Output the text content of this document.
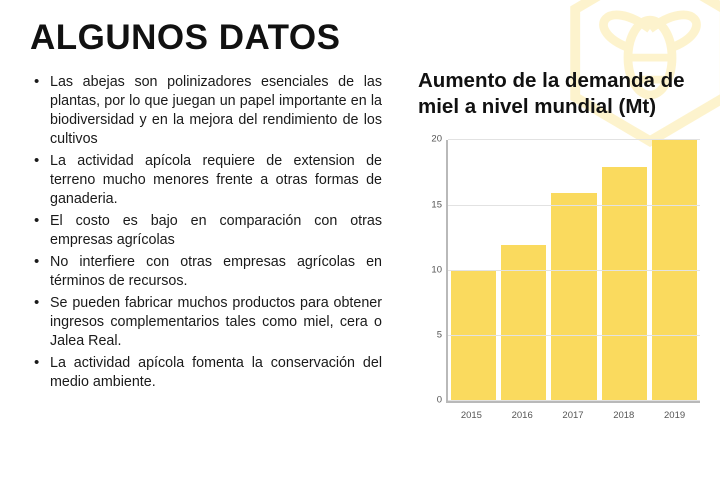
ALGUNOS DATOS
• Las abejas son polinizadores esenciales de las plantas, por lo que juegan un papel importante en la biodiversidad y en la mejora del rendimiento de los cultivos
• La actividad apícola requiere de extension de terreno mucho menores frente a otras formas de ganaderia.
• El costo es bajo en comparación con otras empresas agrícolas
• No interfiere con otras empresas agrícolas en términos de recursos.
• Se pueden fabricar muchos productos para obtener ingresos complementarios tales como miel, cera o Jalea Real.
• La actividad apícola fomenta la conservación del medio ambiente.
Aumento de la demanda de miel a nivel mundial (Mt)
0
5
10
15
20
2015	2016	2017	2018	2019
